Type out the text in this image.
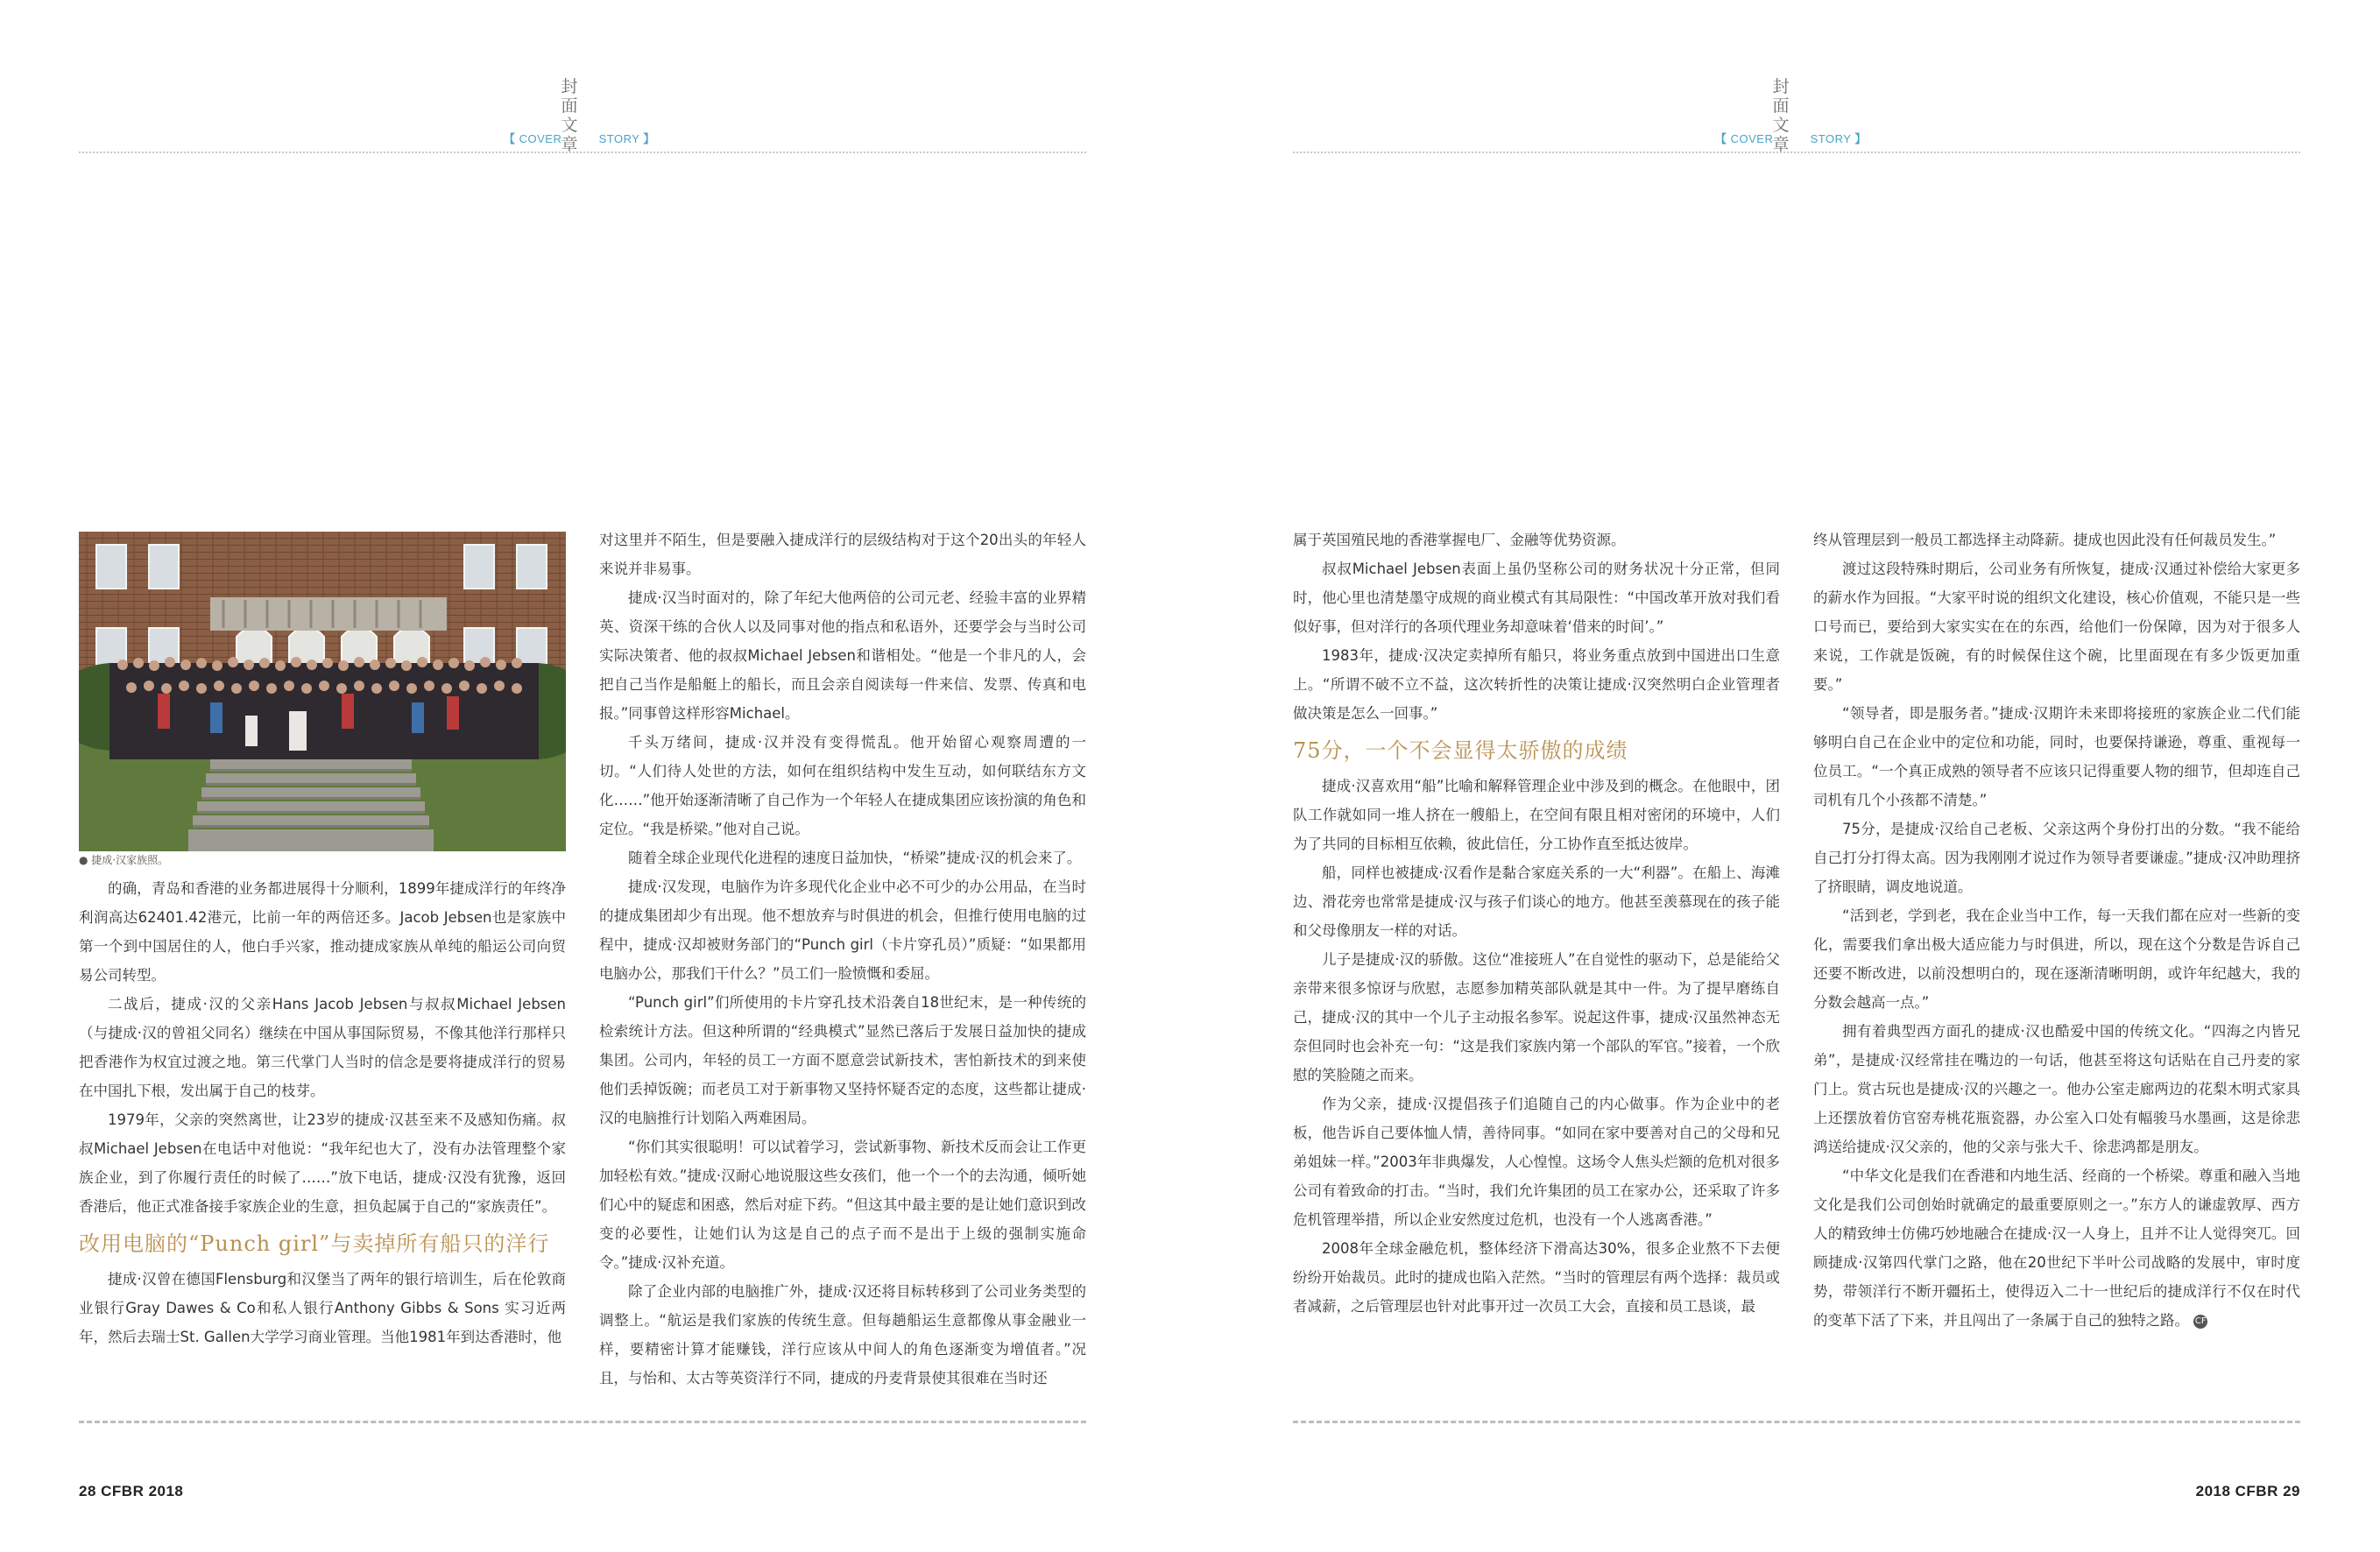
封
面
文
章
【 COVER	STORY 】
● 捷成·汉家族照。

的确，青岛和香港的业务都进展得十分顺利，1899年捷成洋行的年终净利润高达62401.42港元，比前一年的两倍还多。Jacob Jebsen也是家族中第一个到中国居住的人，他白手兴家，推动捷成家族从单纯的船运公司向贸易公司转型。

二战后，捷成·汉的父亲Hans Jacob Jebsen与叔叔Michael Jebsen（与捷成·汉的曾祖父同名）继续在中国从事国际贸易，不像其他洋行那样只把香港作为权宜过渡之地。第三代掌门人当时的信念是要将捷成洋行的贸易在中国扎下根，发出属于自己的枝芽。

1979年，父亲的突然离世，让23岁的捷成·汉甚至来不及感知伤痛。叔叔Michael Jebsen在电话中对他说：“我年纪也大了，没有办法管理整个家族企业，到了你履行责任的时候了……”放下电话，捷成·汉没有犹豫，返回香港后，他正式准备接手家族企业的生意，担负起属于自己的“家族责任”。

改用电脑的“Punch girl”与卖掉所有船只的洋行

捷成·汉曾在德国Flensburg和汉堡当了两年的银行培训生，后在伦敦商业银行Gray Dawes & Co和私人银行Anthony Gibbs & Sons 实习近两年，然后去瑞士St. Gallen大学学习商业管理。当他1981年到达香港时，他

对这里并不陌生，但是要融入捷成洋行的层级结构对于这个20出头的年轻人来说并非易事。

捷成·汉当时面对的，除了年纪大他两倍的公司元老、经验丰富的业界精英、资深干练的合伙人以及同事对他的指点和私语外，还要学会与当时公司实际决策者、他的叔叔Michael Jebsen和谐相处。“他是一个非凡的人，会把自己当作是船艇上的船长，而且会亲自阅读每一件来信、发票、传真和电报。”同事曾这样形容Michael。

千头万绪间，捷成·汉并没有变得慌乱。他开始留心观察周遭的一切。“人们待人处世的方法，如何在组织结构中发生互动，如何联结东方文化……”他开始逐渐清晰了自己作为一个年轻人在捷成集团应该扮演的角色和定位。“我是桥梁。”他对自己说。

随着全球企业现代化进程的速度日益加快，“桥梁”捷成·汉的机会来了。

捷成·汉发现，电脑作为许多现代化企业中必不可少的办公用品，在当时的捷成集团却少有出现。他不想放弃与时俱进的机会，但推行使用电脑的过程中，捷成·汉却被财务部门的“Punch girl（卡片穿孔员）”质疑：“如果都用电脑办公，那我们干什么？”员工们一脸愤慨和委屈。

“Punch girl”们所使用的卡片穿孔技术沿袭自18世纪末，是一种传统的检索统计方法。但这种所谓的“经典模式”显然已落后于发展日益加快的捷成集团。公司内，年轻的员工一方面不愿意尝试新技术，害怕新技术的到来使他们丢掉饭碗；而老员工对于新事物又坚持怀疑否定的态度，这些都让捷成·汉的电脑推行计划陷入两难困局。

“你们其实很聪明！可以试着学习，尝试新事物、新技术反而会让工作更加轻松有效。”捷成·汉耐心地说服这些女孩们，他一个一个的去沟通，倾听她们心中的疑虑和困惑，然后对症下药。“但这其中最主要的是让她们意识到改变的必要性，让她们认为这是自己的点子而不是出于上级的强制实施命令。”捷成·汉补充道。

除了企业内部的电脑推广外，捷成·汉还将目标转移到了公司业务类型的调整上。“航运是我们家族的传统生意。但每趟船运生意都像从事金融业一样，要精密计算才能赚钱，洋行应该从中间人的角色逐渐变为增值者。”况且，与怡和、太古等英资洋行不同，捷成的丹麦背景使其很难在当时还

28 CFBR 2018
封
面
文
章
【 COVER	STORY 】

属于英国殖民地的香港掌握电厂、金融等优势资源。

叔叔Michael Jebsen表面上虽仍坚称公司的财务状况十分正常，但同时，他心里也清楚墨守成规的商业模式有其局限性：“中国改革开放对我们看似好事，但对洋行的各项代理业务却意味着‘借来的时间’。”

1983年，捷成·汉决定卖掉所有船只，将业务重点放到中国进出口生意上。“所谓不破不立不益，这次转折性的决策让捷成·汉突然明白企业管理者做决策是怎么一回事。”

75分，一个不会显得太骄傲的成绩

捷成·汉喜欢用“船”比喻和解释管理企业中涉及到的概念。在他眼中，团队工作就如同一堆人挤在一艘船上，在空间有限且相对密闭的环境中，人们为了共同的目标相互依赖，彼此信任，分工协作直至抵达彼岸。

船，同样也被捷成·汉看作是黏合家庭关系的一大“利器”。在船上、海滩边、滑花旁也常常是捷成·汉与孩子们谈心的地方。他甚至羡慕现在的孩子能和父母像朋友一样的对话。

儿子是捷成·汉的骄傲。这位“准接班人”在自觉性的驱动下，总是能给父亲带来很多惊讶与欣慰，志愿参加精英部队就是其中一件。为了提早磨练自己，捷成·汉的其中一个儿子主动报名参军。说起这件事，捷成·汉虽然神态无奈但同时也会补充一句：“这是我们家族内第一个部队的军官。”接着，一个欣慰的笑脸随之而来。

作为父亲，捷成·汉提倡孩子们追随自己的内心做事。作为企业中的老板，他告诉自己要体恤人情，善待同事。“如同在家中要善对自己的父母和兄弟姐妹一样。”2003年非典爆发，人心惶惶。这场令人焦头烂额的危机对很多公司有着致命的打击。“当时，我们允许集团的员工在家办公，还采取了许多危机管理举措，所以企业安然度过危机，也没有一个人逃离香港。”

2008年全球金融危机，整体经济下滑高达30%，很多企业熬不下去便纷纷开始裁员。此时的捷成也陷入茫然。“当时的管理层有两个选择：裁员或者减薪，之后管理层也针对此事开过一次员工大会，直接和员工恳谈，最

终从管理层到一般员工都选择主动降薪。捷成也因此没有任何裁员发生。”

渡过这段特殊时期后，公司业务有所恢复，捷成·汉通过补偿给大家更多的薪水作为回报。“大家平时说的组织文化建设，核心价值观，不能只是一些口号而已，要给到大家实实在在的东西，给他们一份保障，因为对于很多人来说，工作就是饭碗，有的时候保住这个碗，比里面现在有多少饭更加重要。”

“领导者，即是服务者。”捷成·汉期许未来即将接班的家族企业二代们能够明白自己在企业中的定位和功能，同时，也要保持谦逊，尊重、重视每一位员工。“一个真正成熟的领导者不应该只记得重要人物的细节，但却连自己司机有几个小孩都不清楚。”

75分，是捷成·汉给自己老板、父亲这两个身份打出的分数。“我不能给自己打分打得太高。因为我刚刚才说过作为领导者要谦虚。”捷成·汉冲助理挤了挤眼睛，调皮地说道。

“活到老，学到老，我在企业当中工作，每一天我们都在应对一些新的变化，需要我们拿出极大适应能力与时俱进，所以，现在这个分数是告诉自己还要不断改进，以前没想明白的，现在逐渐清晰明朗，或许年纪越大，我的分数会越高一点。”

拥有着典型西方面孔的捷成·汉也酷爱中国的传统文化。“四海之内皆兄弟”，是捷成·汉经常挂在嘴边的一句话，他甚至将这句话贴在自己丹麦的家门上。赏古玩也是捷成·汉的兴趣之一。他办公室走廊两边的花梨木明式家具上还摆放着仿官窑寿桃花瓶瓷器，办公室入口处有幅骏马水墨画，这是徐悲鸿送给捷成·汉父亲的，他的父亲与张大千、徐悲鸿都是朋友。

“中华文化是我们在香港和内地生活、经商的一个桥梁。尊重和融入当地文化是我们公司创始时就确定的最重要原则之一。”东方人的谦虚敦厚、西方人的精致绅士仿佛巧妙地融合在捷成·汉一人身上，且并不让人觉得突兀。回顾捷成·汉第四代掌门之路，他在20世纪下半叶公司战略的发展中，审时度势，带领洋行不断开疆拓土，使得迈入二十一世纪后的捷成洋行不仅在时代的变革下活了下来，并且闯出了一条属于自己的独特之路。 CF

2018 CFBR 29
